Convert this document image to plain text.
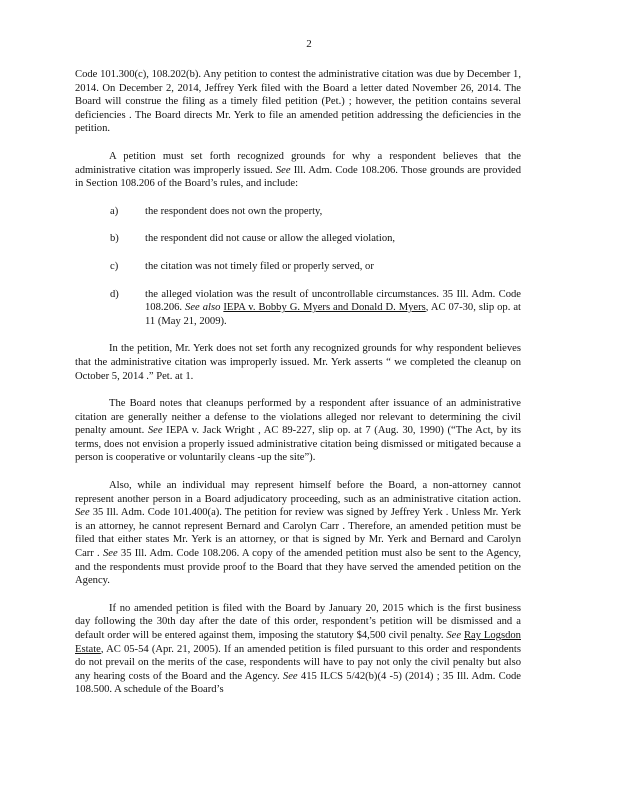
2

Code 101.300(c), 108.202(b). Any petition to contest the administrative citation was due by December 1, 2014. On December 2, 2014, Jeffrey Yerk filed with the Board a letter dated November 26, 2014. The Board will construe the filing as a timely filed petition (Pet.) ; however, the petition contains several deficiencies . The Board directs Mr. Yerk to file an amended petition addressing the deficiencies in the petition.

A petition must set forth recognized grounds for why a respondent believes that the administrative citation was improperly issued. See Ill. Adm. Code 108.206. Those grounds are provided in Section 108.206 of the Board’s rules, and include:

a)	the respondent does not own the property,
b)	the respondent did not cause or allow the alleged violation,
c)	the citation was not timely filed or properly served, or
d)	the alleged violation was the result of uncontrollable circumstances. 35 Ill. Adm. Code 108.206. See also IEPA v. Bobby G. Myers and Donald D. Myers, AC 07-30, slip op. at 11 (May 21, 2009).

In the petition, Mr. Yerk does not set forth any recognized grounds for why respondent believes that the administrative citation was improperly issued. Mr. Yerk asserts “ we completed the cleanup on October 5, 2014 .” Pet. at 1.

The Board notes that cleanups performed by a respondent after issuance of an administrative citation are generally neither a defense to the violations alleged nor relevant to determining the civil penalty amount. See IEPA v. Jack Wright , AC 89-227, slip op. at 7 (Aug. 30, 1990) (“The Act, by its terms, does not envision a properly issued administrative citation being dismissed or mitigated because a person is cooperative or voluntarily cleans -up the site”).

Also, while an individual may represent himself before the Board, a non-attorney cannot represent another person in a Board adjudicatory proceeding, such as an administrative citation action. See 35 Ill. Adm. Code 101.400(a). The petition for review was signed by Jeffrey Yerk . Unless Mr. Yerk is an attorney, he cannot represent Bernard and Carolyn Carr . Therefore, an amended petition must be filed that either states Mr. Yerk is an attorney, or that is signed by Mr. Yerk and Bernard and Carolyn Carr . See 35 Ill. Adm. Code 108.206. A copy of the amended petition must also be sent to the Agency, and the respondents must provide proof to the Board that they have served the amended petition on the Agency.

If no amended petition is filed with the Board by January 20, 2015 which is the first business day following the 30th day after the date of this order, respondent’s petition will be dismissed and a default order will be entered against them, imposing the statutory $4,500 civil penalty. See Ray Logsdon Estate, AC 05-54 (Apr. 21, 2005). If an amended petition is filed pursuant to this order and respondents do not prevail on the merits of the case, respondents will have to pay not only the civil penalty but also any hearing costs of the Board and the Agency. See 415 ILCS 5/42(b)(4 -5) (2014) ; 35 Ill. Adm. Code 108.500. A schedule of the Board’s
